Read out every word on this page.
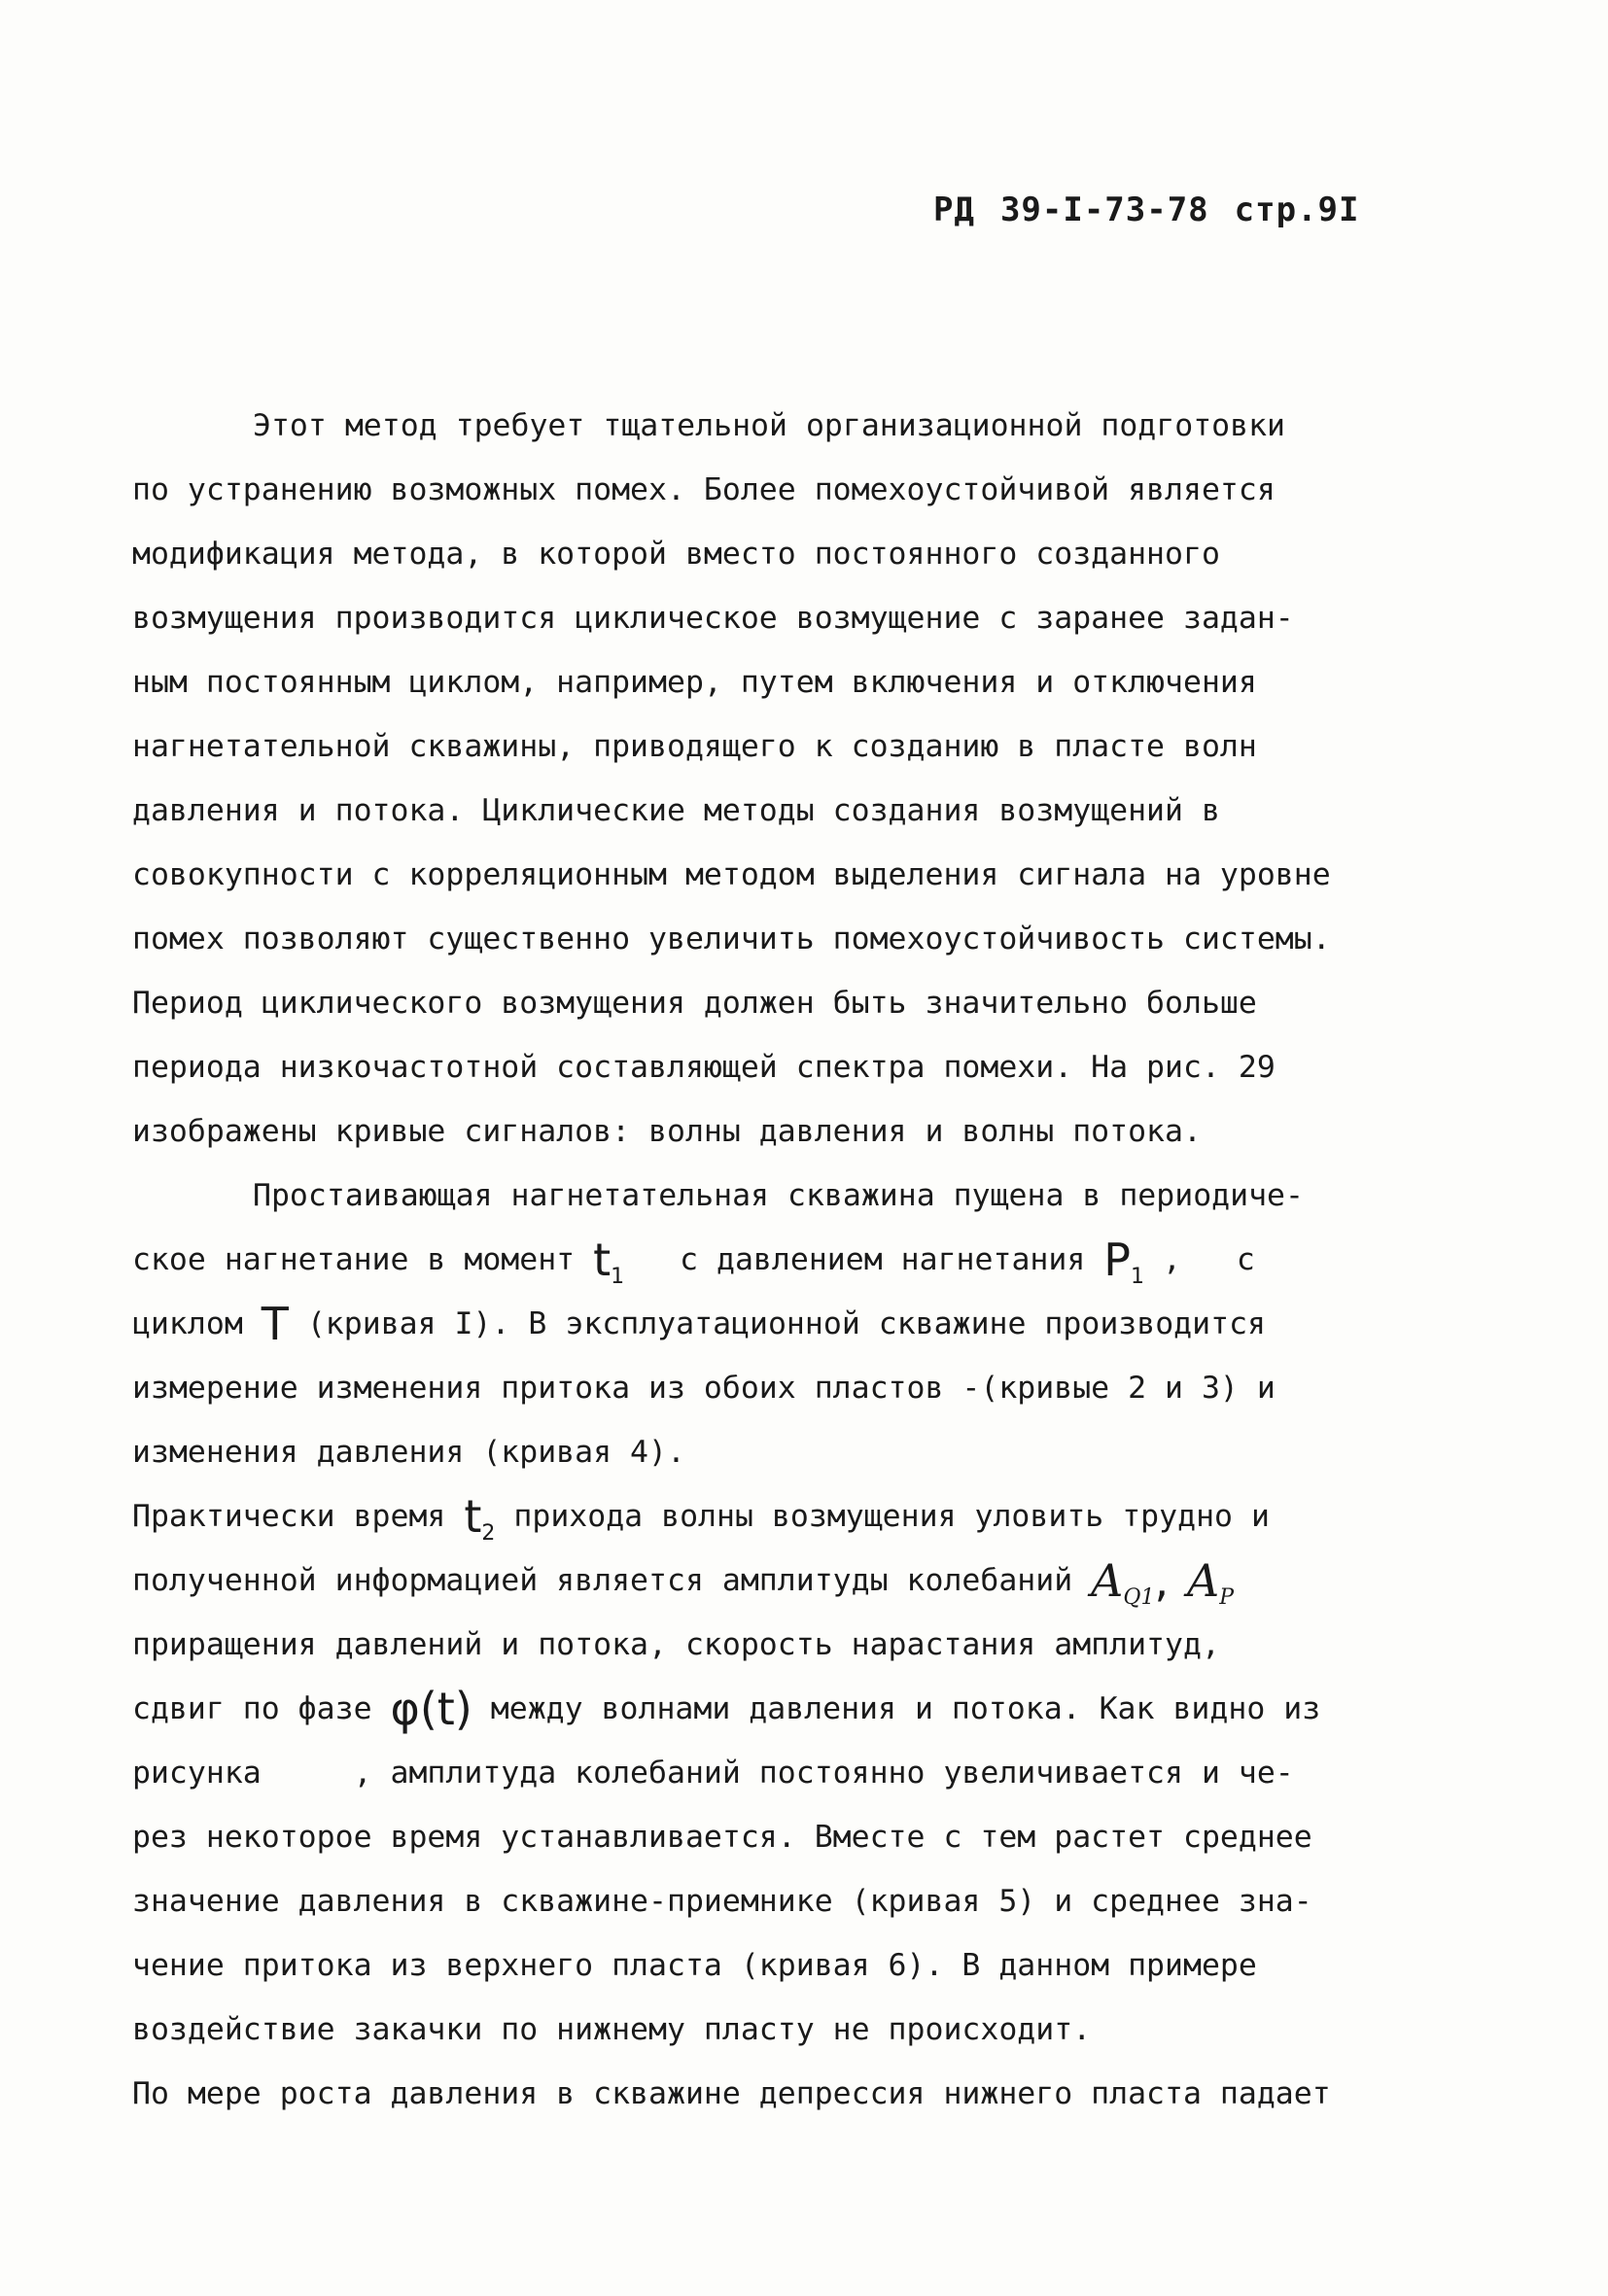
РД 39-I-73-78 стр.9I
Этот метод требует тщательной организационной подготовки
по устранению возможных помех. Более помехоустойчивой является
модификация метода, в которой вместо постоянного созданного
возмущения производится циклическое возмущение с заранее задан-
ным постоянным циклом, например, путем включения и отключения
нагнетательной скважины, приводящего к созданию в пласте волн
давления и потока. Циклические методы создания возмущений в
совокупности с корреляционным методом выделения сигнала на уровне
помех позволяют существенно увеличить помехоустойчивость системы.
Период циклического возмущения должен быть значительно больше
периода низкочастотной составляющей спектра помехи. На рис. 29
изображены кривые сигналов: волны давления и волны потока.
Простаивающая нагнетательная скважина пущена в периодиче-
ское нагнетание в момент $t_1$ с давлением нагнетания $P_1$ ,   с
циклом T (кривая I). В эксплуатационной скважине производится
измерение изменения притока из обоих пластов -(кривые 2 и 3) и
изменения давления (кривая 4).
Практически время $t_2$ прихода волны возмущения уловить трудно и
полученной информацией является амплитуды колебаний $A_{Q1}$, $A_P$
приращения давлений и потока, скорость нарастания амплитуд,
сдвиг по фазе φ(t) между волнами давления и потока. Как видно из
рисунка     , амплитуда колебаний постоянно увеличивается и че-
рез некоторое время устанавливается. Вместе с тем растет среднее
значение давления в скважине-приемнике (кривая 5) и среднее зна-
чение притока из верхнего пласта (кривая 6). В данном примере
воздействие закачки по нижнему пласту не происходит.
По мере роста давления в скважине депрессия нижнего пласта падает
